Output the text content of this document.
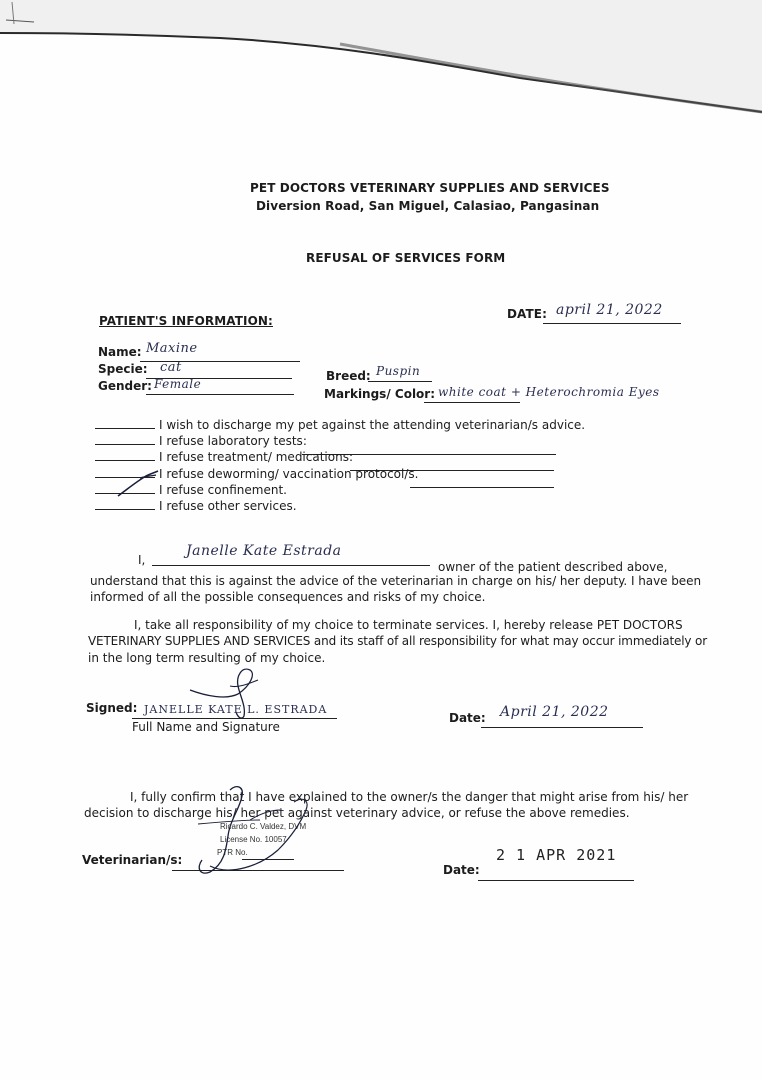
PET DOCTORS VETERINARY SUPPLIES AND SERVICES
Diversion Road, San Miguel, Calasiao, Pangasinan
REFUSAL OF SERVICES FORM
PATIENT'S INFORMATION:	DATE: april 21, 2022
Name: Maxine
Specie: cat
Gender: Female
Breed: Puspin
Markings/ Color: white coat + Heterochromia Eyes
I wish to discharge my pet against the attending veterinarian/s advice.
I refuse laboratory tests:
I refuse treatment/ medications:
I refuse deworming/ vaccination protocol/s.
I refuse confinement.
I refuse other services.
I,
Janelle Kate Estrada
owner of the patient described above,
understand that this is against the advice of the veterinarian in charge on his/ her deputy. I have been
informed of all the possible consequences and risks of my choice.
I, take all responsibility of my choice to terminate services. I, hereby release PET DOCTORS
VETERINARY SUPPLIES AND SERVICES and its staff of all responsibility for what may occur immediately or
in the long term resulting of my choice.
Signed: JANELLE KATE L. ESTRADA
Full Name and Signature
Date: April 21, 2022
I, fully confirm that I have explained to the owner/s the danger that might arise from his/ her
decision to discharge his/ her pet against veterinary advice, or refuse the above remedies.
Veterinarian/s:
Ricardo C. Valdez, DVM
License No. 10057
PTR No.
Date:
2 1 APR 2021
